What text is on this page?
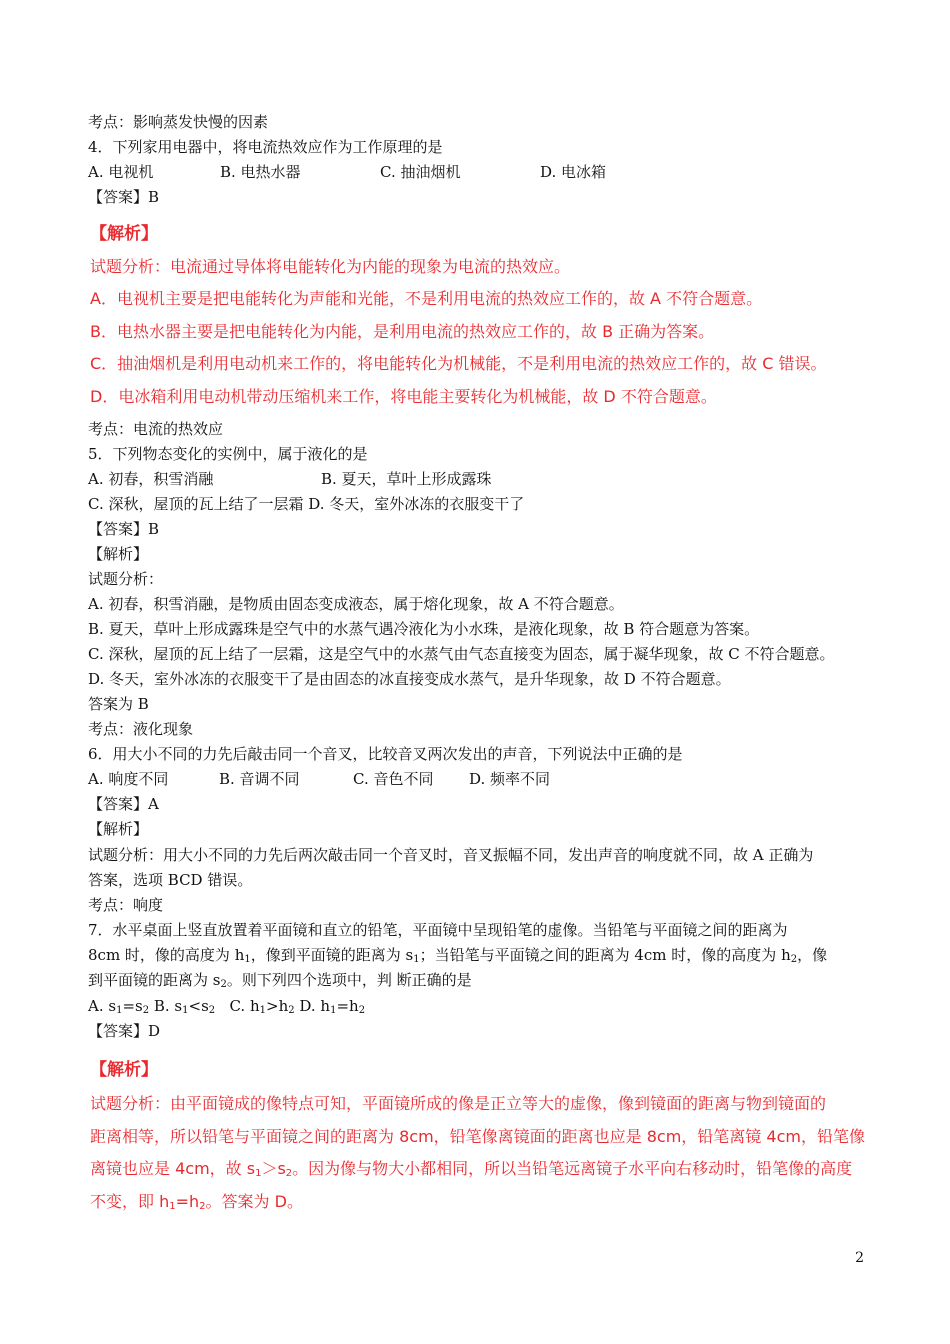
考点：影响蒸发快慢的因素
4．下列家用电器中，将电流热效应作为工作原理的是
A. 电视机	B. 电热水器	C. 抽油烟机	D. 电冰箱
【答案】B
【解析】
试题分析：电流通过导体将电能转化为内能的现象为电流的热效应。
A．电视机主要是把电能转化为声能和光能，不是利用电流的热效应工作的，故 A 不符合题意。
B．电热水器主要是把电能转化为内能，是利用电流的热效应工作的，故 B 正确为答案。
C．抽油烟机是利用电动机来工作的，将电能转化为机械能，不是利用电流的热效应工作的，故 C 错误。
D．电冰箱利用电动机带动压缩机来工作，将电能主要转化为机械能，故 D 不符合题意。
考点：电流的热效应
5．下列物态变化的实例中，属于液化的是
A. 初春，积雪消融	B. 夏天，草叶上形成露珠
C. 深秋，屋顶的瓦上结了一层霜 D. 冬天，室外冰冻的衣服变干了
【答案】B
【解析】
试题分析：
A. 初春，积雪消融，是物质由固态变成液态，属于熔化现象，故 A 不符合题意。
B. 夏天，草叶上形成露珠是空气中的水蒸气遇冷液化为小水珠，是液化现象，故 B 符合题意为答案。
C. 深秋，屋顶的瓦上结了一层霜，这是空气中的水蒸气由气态直接变为固态，属于凝华现象，故 C 不符合题意。
D. 冬天，室外冰冻的衣服变干了是由固态的冰直接变成水蒸气，是升华现象，故 D 不符合题意。
答案为 B
考点：液化现象
6．用大小不同的力先后敲击同一个音叉，比较音叉两次发出的声音，下列说法中正确的是
A. 响度不同	B. 音调不同	C. 音色不同 D. 频率不同
【答案】A
【解析】
试题分析：用大小不同的力先后两次敲击同一个音叉时，音叉振幅不同，发出声音的响度就不同，故 A 正确为
答案，选项 BCD 错误。
考点：响度
7．水平桌面上竖直放置着平面镜和直立的铅笔，平面镜中呈现铅笔的虚像。当铅笔与平面镜之间的距离为
8cm 时，像的高度为 $h_1$，像到平面镜的距离为 $s_1$；当铅笔与平面镜之间的距离为 4cm 时，像的高度为 $h_2$，像
到平面镜的距离为 $s_2$。则下列四个选项中，判 断正确的是
A. $s_1=s_2$ B. $s_1<s_2$   C. $h_1>h_2$ D. $h_1=h_2$
【答案】D
【解析】
试题分析：由平面镜成的像特点可知，平面镜所成的像是正立等大的虚像，像到镜面的距离与物到镜面的
距离相等，所以铅笔与平面镜之间的距离为 8cm，铅笔像离镜面的距离也应是 8cm，铅笔离镜 4cm，铅笔像
离镜也应是 4cm，故 $s_1>s_2$。因为像与物大小都相同，所以当铅笔远离镜子水平向右移动时，铅笔像的高度
不变，即 $h_1=h_2$。答案为 D。
2
